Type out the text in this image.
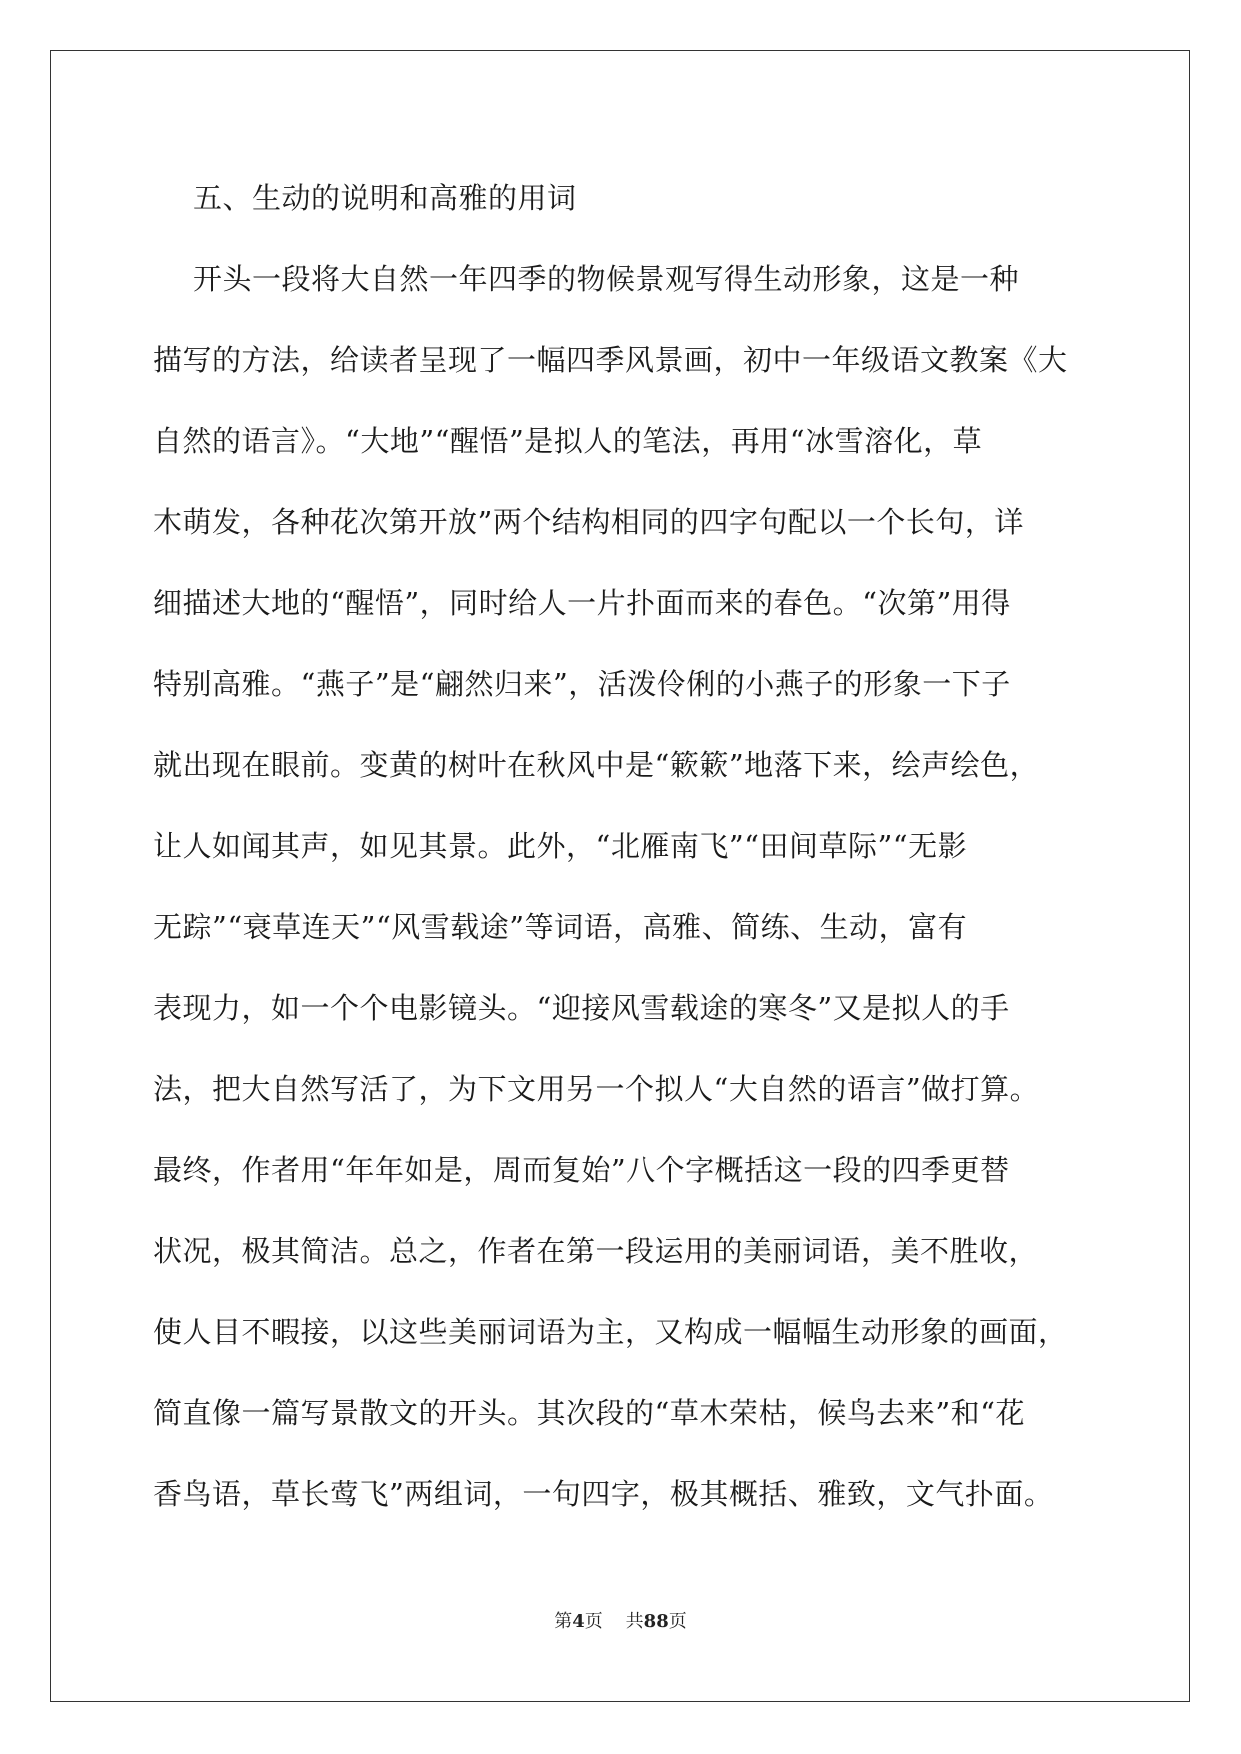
五、生动的说明和高雅的用词
开头一段将大自然一年四季的物候景观写得生动形象，这是一种
描写的方法，给读者呈现了一幅四季风景画，初中一年级语文教案《大
自然的语言》。“大地”“醒悟”是拟人的笔法，再用“冰雪溶化，草
木萌发，各种花次第开放”两个结构相同的四字句配以一个长句，详
细描述大地的“醒悟”，同时给人一片扑面而来的春色。“次第”用得
特别高雅。“燕子”是“翩然归来”，活泼伶俐的小燕子的形象一下子
就出现在眼前。变黄的树叶在秋风中是“簌簌”地落下来，绘声绘色，
让人如闻其声，如见其景。此外，“北雁南飞”“田间草际”“无影
无踪”“衰草连天”“风雪载途”等词语，高雅、简练、生动，富有
表现力，如一个个电影镜头。“迎接风雪载途的寒冬”又是拟人的手
法，把大自然写活了，为下文用另一个拟人“大自然的语言”做打算。
最终，作者用“年年如是，周而复始”八个字概括这一段的四季更替
状况，极其简洁。总之，作者在第一段运用的美丽词语，美不胜收，
使人目不暇接，以这些美丽词语为主，又构成一幅幅生动形象的画面，
简直像一篇写景散文的开头。其次段的“草木荣枯，候鸟去来”和“花
香鸟语，草长莺飞”两组词，一句四字，极其概括、雅致，文气扑面。
第4页 共88页
